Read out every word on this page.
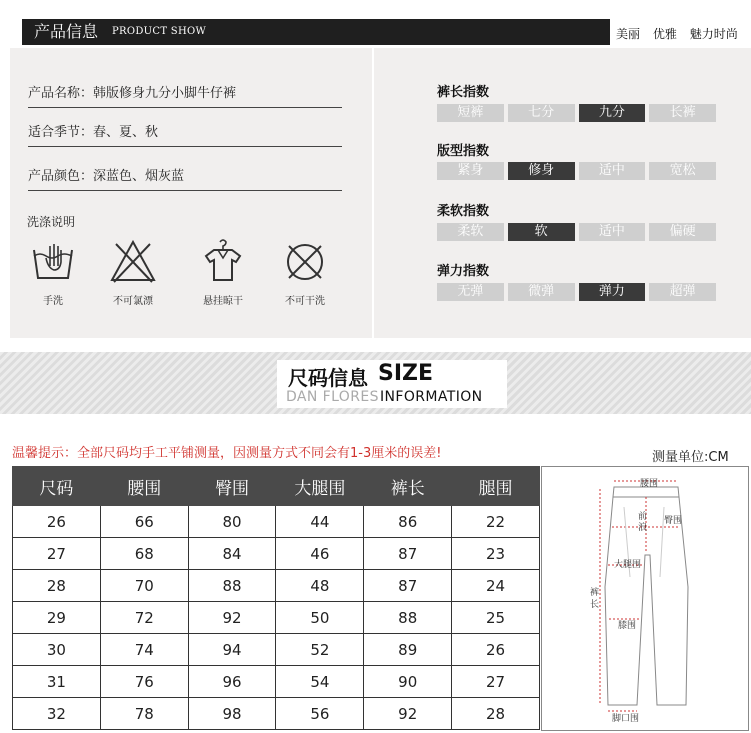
产品信息 PRODUCT SHOW	美丽 优雅 魅力时尚
产品名称：韩版修身九分小脚牛仔裤
适合季节：春、夏、秋
产品颜色：深蓝色、烟灰蓝
洗涤说明
手洗	不可氯漂	悬挂晾干	不可干洗
裤长指数
短裤	七分	九分	长裤
版型指数
紧身	修身	适中	宽松
柔软指数
柔软	软	适中	偏硬
弹力指数
无弹	微弹	弹力	超弹
尺码信息 SIZE
DAN FLORES INFORMATION
温馨提示：全部尺码均手工平铺测量，因测量方式不同会有1-3厘米的误差!	测量单位:CM
尺码	腰围	臀围	大腿围	裤长	腿围
26	66	80	44	86	22
27	68	84	46	87	23
28	70	88	48	87	24
29	72	92	50	88	25
30	74	94	52	89	26
31	76	96	54	90	27
32	78	98	56	92	28
腰围
前
浪
臀围
大腿围
裤
长
膝围
脚口围
